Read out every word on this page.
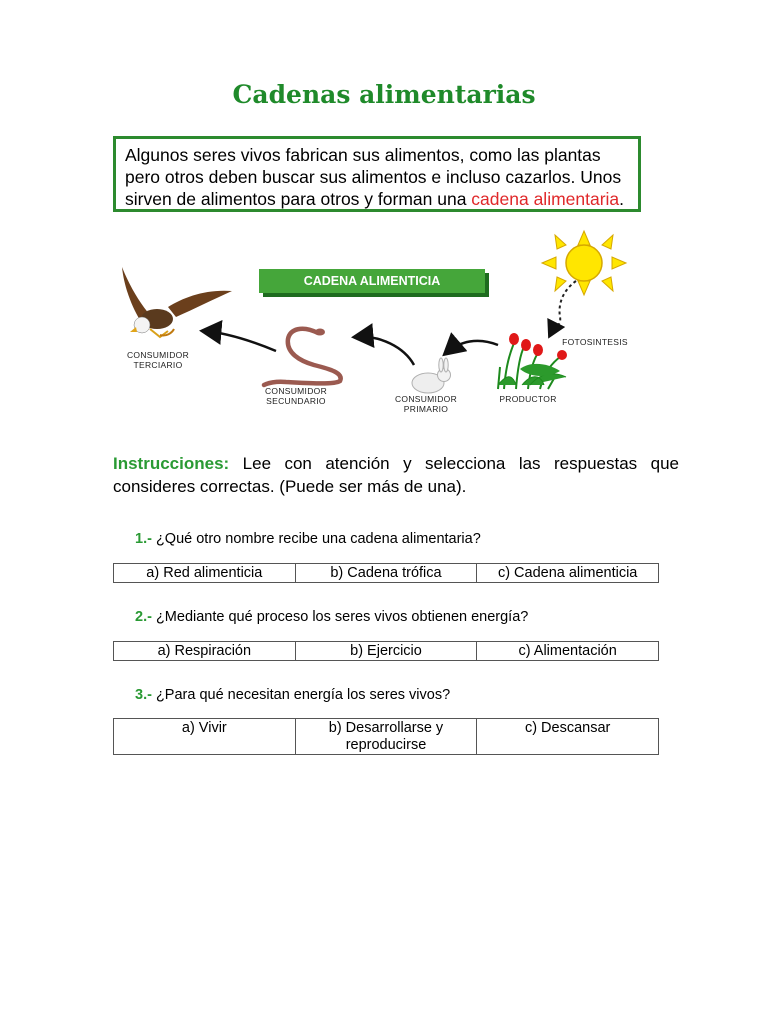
Cadenas alimentarias
Algunos seres vivos fabrican sus alimentos, como las plantas
pero otros deben buscar sus alimentos e incluso cazarlos. Unos
sirven de alimentos para otros y forman una cadena alimentaria.
CADENA ALIMENTICIA
CONSUMIDOR
TERCIARIO
CONSUMIDOR
SECUNDARIO	CONSUMIDOR
PRIMARIO
PRODUCTOR
FOTOSINTESIS
Instrucciones: Lee con atención y selecciona las respuestas que consideres correctas. (Puede ser más de una).
1.- ¿Qué otro nombre recibe una cadena alimentaria?
a) Red alimenticia	b) Cadena trófica	c) Cadena alimenticia
2.- ¿Mediante qué proceso los seres vivos obtienen energía?
a) Respiración	b) Ejercicio	c) Alimentación
3.- ¿Para qué necesitan energía los seres vivos?
a) Vivir	b) Desarrollarse y reproducirse	c) Descansar
